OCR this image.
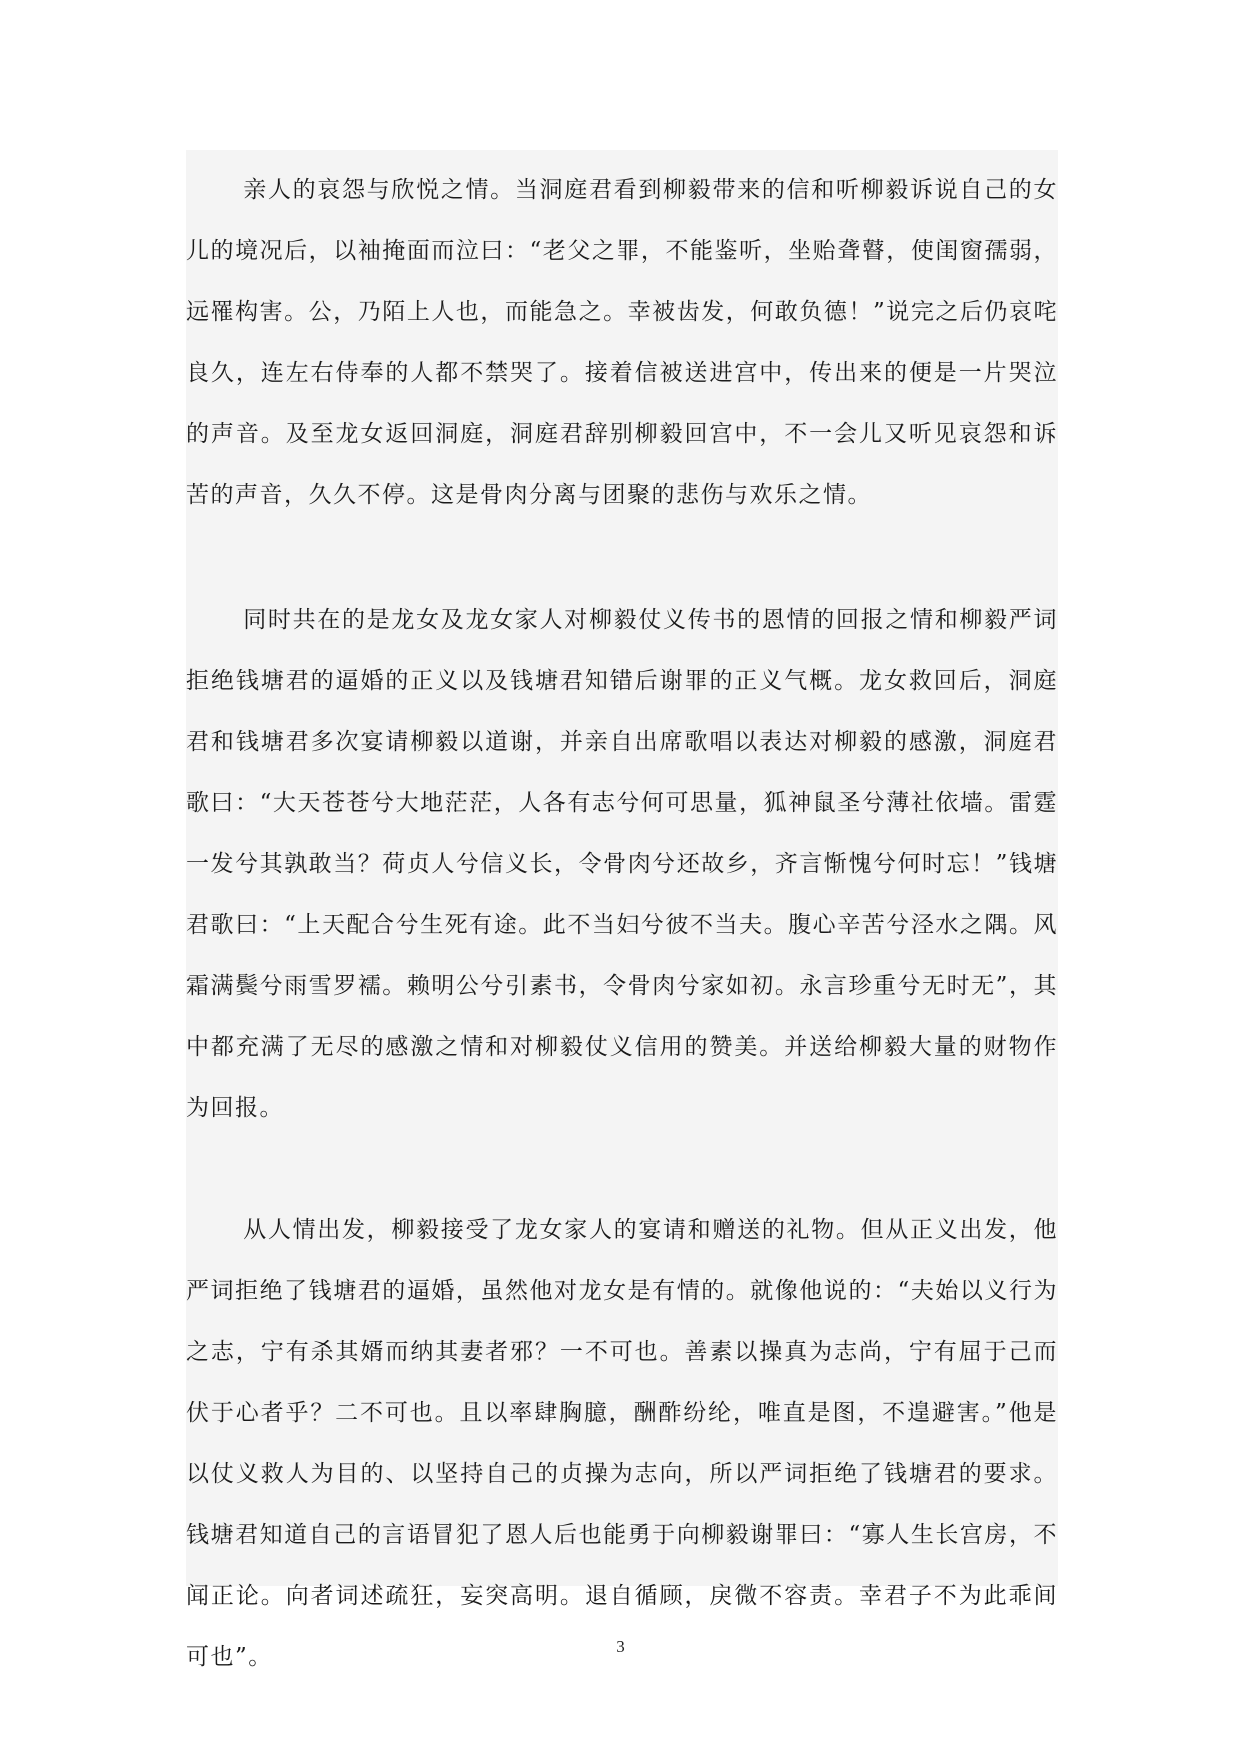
亲人的哀怨与欣悦之情。当洞庭君看到柳毅带来的信和听柳毅诉说自己的女儿的境况后，以袖掩面而泣曰：“老父之罪，不能鉴听，坐贻聋瞽，使闺窗孺弱，远罹构害。公，乃陌上人也，而能急之。幸被齿发，何敢负德！”说完之后仍哀咤良久，连左右侍奉的人都不禁哭了。接着信被送进宫中，传出来的便是一片哭泣的声音。及至龙女返回洞庭，洞庭君辞别柳毅回宫中，不一会儿又听见哀怨和诉苦的声音，久久不停。这是骨肉分离与团聚的悲伤与欢乐之情。

同时共在的是龙女及龙女家人对柳毅仗义传书的恩情的回报之情和柳毅严词拒绝钱塘君的逼婚的正义以及钱塘君知错后谢罪的正义气概。龙女救回后，洞庭君和钱塘君多次宴请柳毅以道谢，并亲自出席歌唱以表达对柳毅的感激，洞庭君歌曰：“大天苍苍兮大地茫茫，人各有志兮何可思量，狐神鼠圣兮薄社依墙。雷霆一发兮其孰敢当？荷贞人兮信义长，令骨肉兮还故乡，齐言惭愧兮何时忘！”钱塘君歌曰：“上天配合兮生死有途。此不当妇兮彼不当夫。腹心辛苦兮泾水之隅。风霜满鬓兮雨雪罗襦。赖明公兮引素书，令骨肉兮家如初。永言珍重兮无时无”，其中都充满了无尽的感激之情和对柳毅仗义信用的赞美。并送给柳毅大量的财物作为回报。

从人情出发，柳毅接受了龙女家人的宴请和赠送的礼物。但从正义出发，他严词拒绝了钱塘君的逼婚，虽然他对龙女是有情的。就像他说的：“夫始以义行为之志，宁有杀其婿而纳其妻者邪？一不可也。善素以操真为志尚，宁有屈于己而伏于心者乎？二不可也。且以率肆胸臆，酬酢纷纶，唯直是图，不遑避害。”他是以仗义救人为目的、以坚持自己的贞操为志向，所以严词拒绝了钱塘君的要求。钱塘君知道自己的言语冒犯了恩人后也能勇于向柳毅谢罪曰：“寡人生长宫房，不闻正论。向者词述疏狂，妄突高明。退自循顾，戾微不容责。幸君子不为此乖间可也”。	3
